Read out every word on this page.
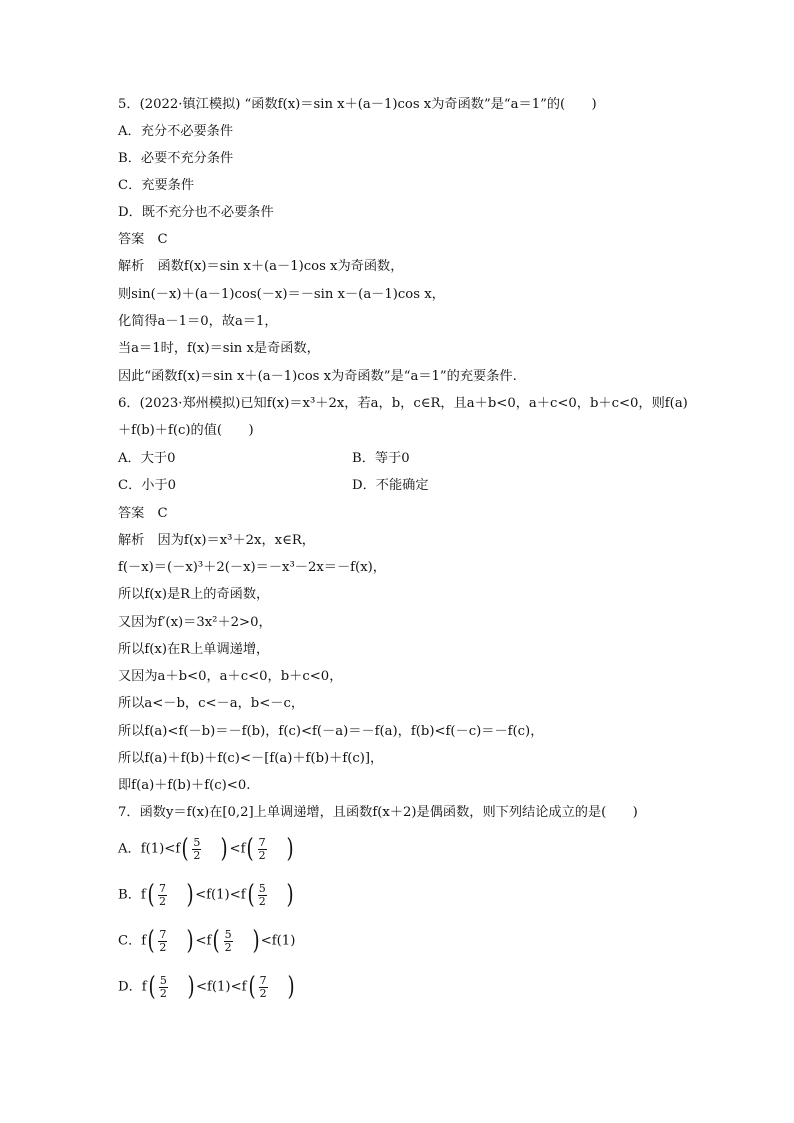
5．(2022·镇江模拟) “函数f(x)＝sin x＋(a－1)cos x为奇函数”是“a＝1”的(　　)
A．充分不必要条件
B．必要不充分条件
C．充要条件
D．既不充分也不必要条件
答案　C
解析　函数f(x)＝sin x＋(a－1)cos x为奇函数，
则sin(－x)＋(a－1)cos(－x)＝－sin x－(a－1)cos x，
化简得a－1＝0，故a＝1，
当a＝1时，f(x)＝sin x是奇函数，
因此“函数f(x)＝sin x＋(a－1)cos x为奇函数”是“a＝1”的充要条件.
6．(2023·郑州模拟)已知f(x)＝x³＋2x，若a，b，c∈R，且a＋b<0，a＋c<0，b＋c<0，则f(a)
＋f(b)＋f(c)的值(　　)
A．大于0	B．等于0
C．小于0	D．不能确定
答案　C
解析　因为f(x)＝x³＋2x，x∈R，
f(－x)＝(－x)³＋2(－x)＝－x³－2x＝－f(x)，
所以f(x)是R上的奇函数，
又因为f′(x)＝3x²＋2>0，
所以f(x)在R上单调递增，
又因为a＋b<0，a＋c<0，b＋c<0，
所以a<－b，c<－a，b<－c，
所以f(a)<f(－b)＝－f(b)，f(c)<f(－a)＝－f(a)，f(b)<f(－c)＝－f(c)，
所以f(a)＋f(b)＋f(c)<－[f(a)＋f(b)＋f(c)]，
即f(a)＋f(b)＋f(c)<0.
7．函数y＝f(x)在[0,2]上单调递增，且函数f(x＋2)是偶函数，则下列结论成立的是(　　)
A．$f(1)<f( \frac{5}{2}$ ) $<f( \frac{7}{2}$ )
B．$f( \frac{7}{2}$ ) $<f(1)<f( \frac{5}{2}$ )
C．$f( \frac{7}{2}$ ) $<f( \frac{5}{2}$ ) <f(1)
D．$f( \frac{5}{2}$ ) $<f(1)<f( \frac{7}{2}$ )
